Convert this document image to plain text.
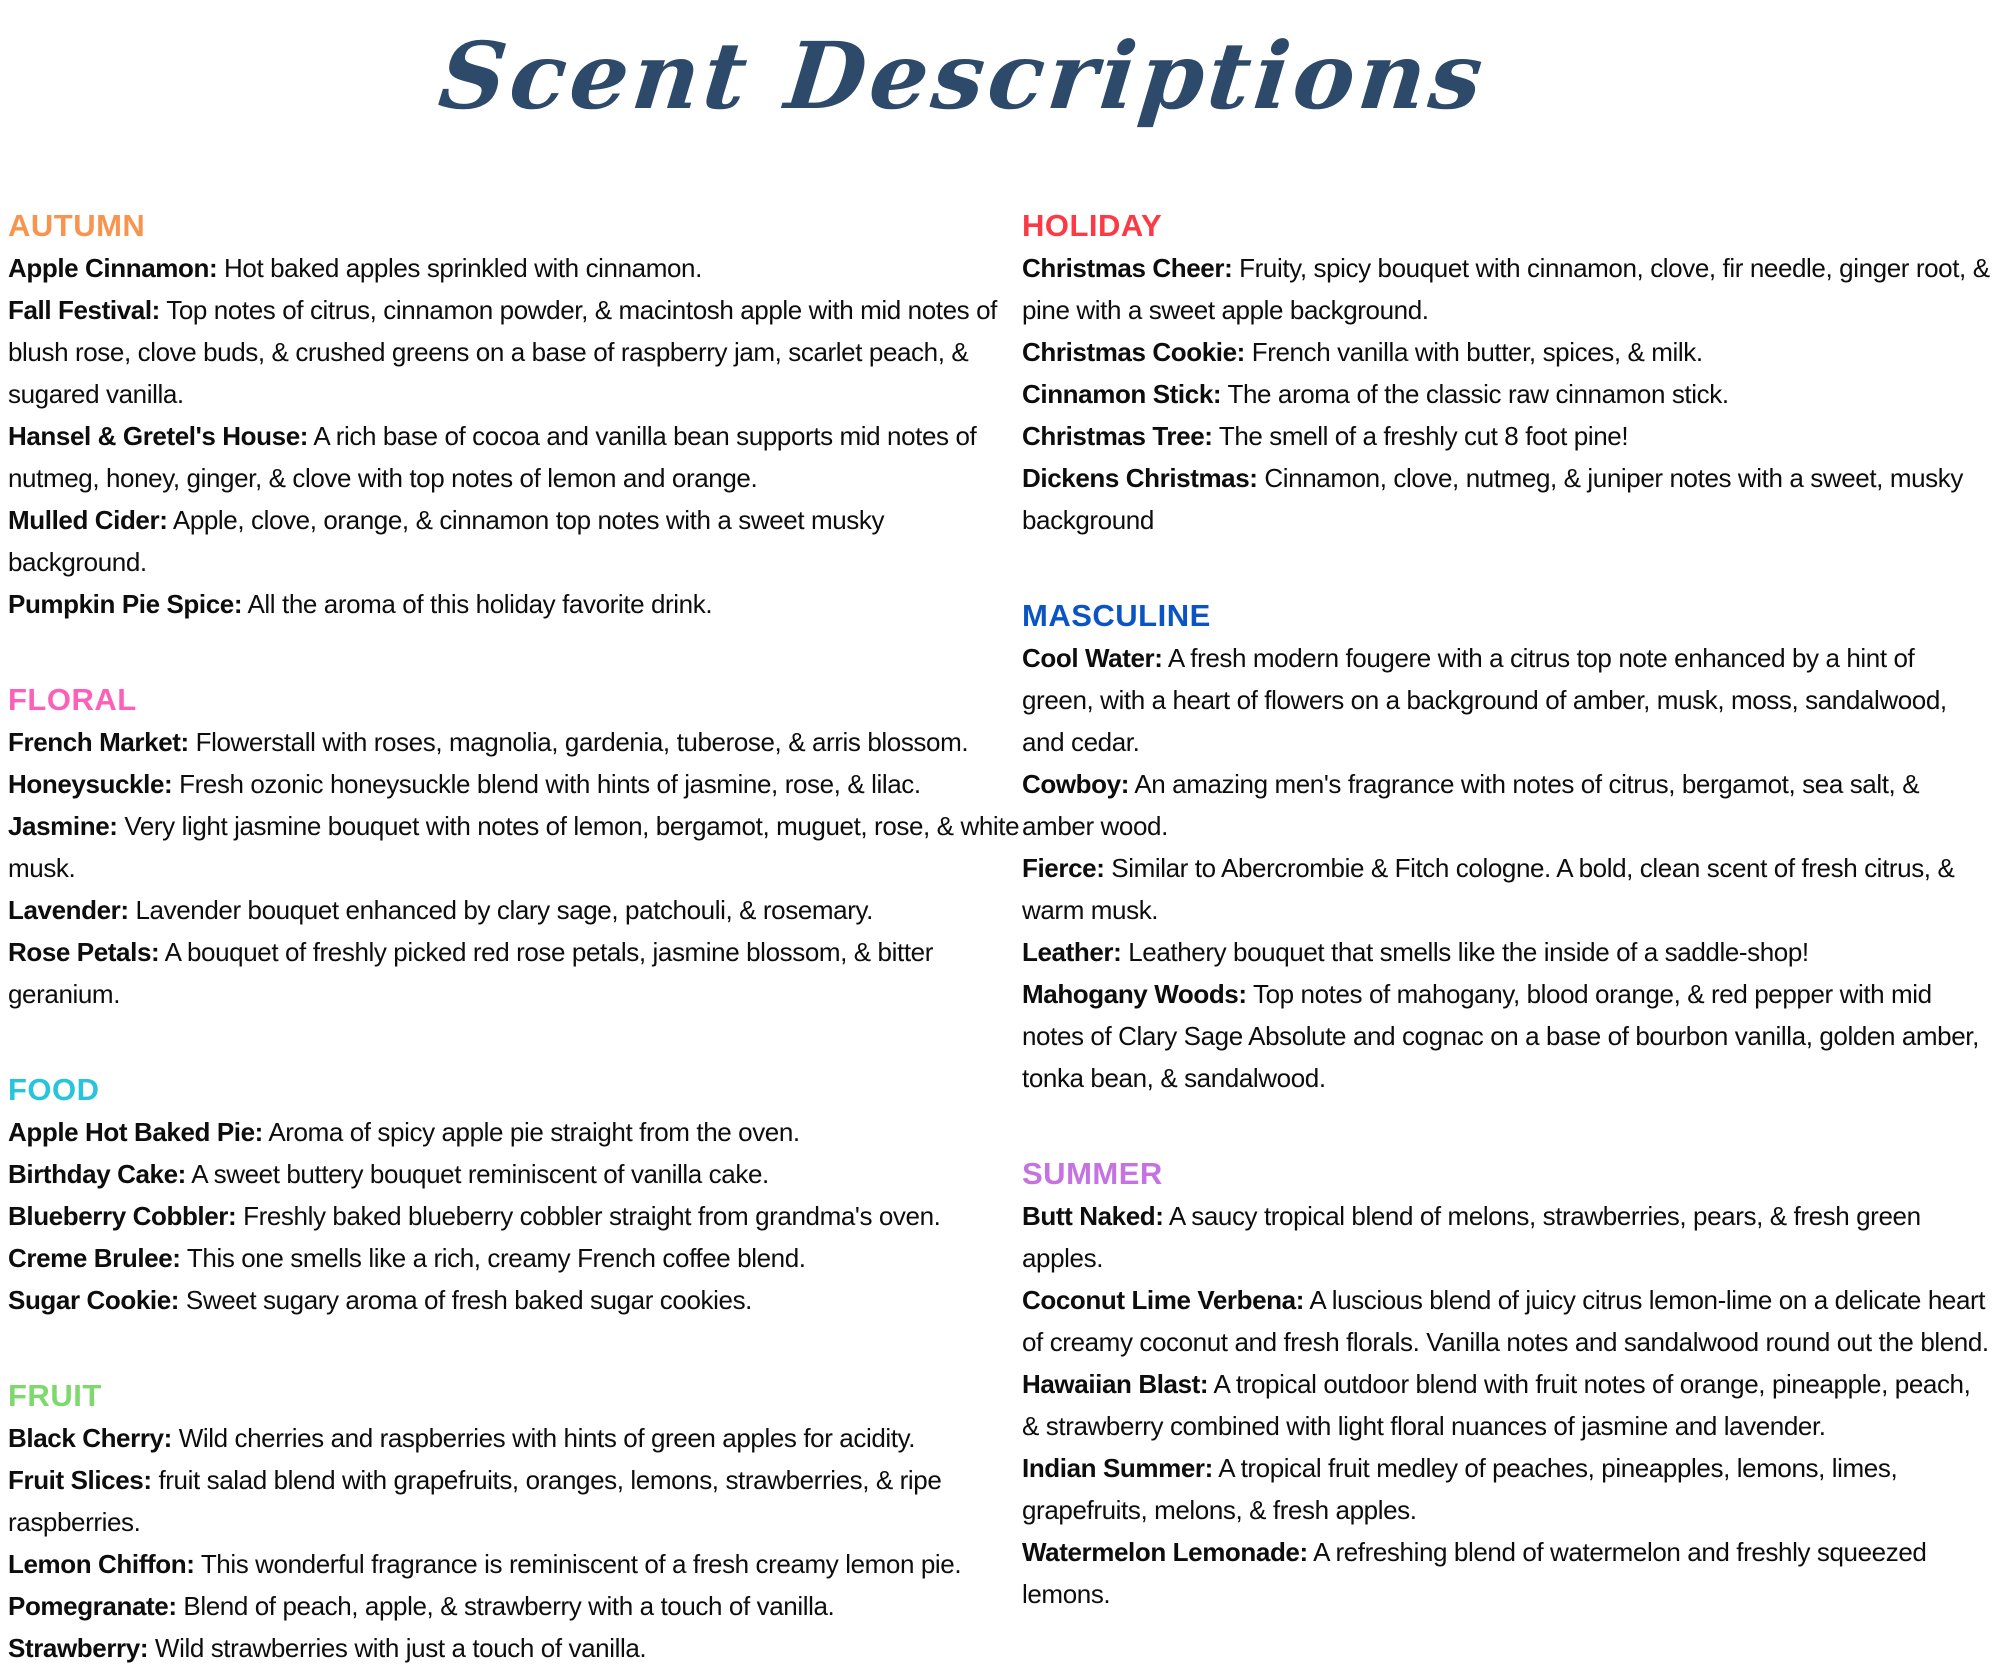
Scent Descriptions
AUTUMN

Apple Cinnamon: Hot baked apples sprinkled with cinnamon.

Fall Festival: Top notes of citrus, cinnamon powder, & macintosh apple with mid notes of blush rose, clove buds, & crushed greens on a base of raspberry jam, scarlet peach, & sugared vanilla.

Hansel & Gretel's House: A rich base of cocoa and vanilla bean supports mid notes of nutmeg, honey, ginger, & clove with top notes of lemon and orange.

Mulled Cider: Apple, clove, orange, & cinnamon top notes with a sweet musky background.

Pumpkin Pie Spice: All the aroma of this holiday favorite drink.

FLORAL

French Market: Flowerstall with roses, magnolia, gardenia, tuberose, & arris blossom.

Honeysuckle: Fresh ozonic honeysuckle blend with hints of jasmine, rose, & lilac.

Jasmine: Very light jasmine bouquet with notes of lemon, bergamot, muguet, rose, & white musk.

Lavender: Lavender bouquet enhanced by clary sage, patchouli, & rosemary.

Rose Petals: A bouquet of freshly picked red rose petals, jasmine blossom, & bitter geranium.

FOOD

Apple Hot Baked Pie: Aroma of spicy apple pie straight from the oven.

Birthday Cake: A sweet buttery bouquet reminiscent of vanilla cake.

Blueberry Cobbler: Freshly baked blueberry cobbler straight from grandma's oven.

Creme Brulee: This one smells like a rich, creamy French coffee blend.

Sugar Cookie: Sweet sugary aroma of fresh baked sugar cookies.

FRUIT

Black Cherry: Wild cherries and raspberries with hints of green apples for acidity.

Fruit Slices: fruit salad blend with grapefruits, oranges, lemons, strawberries, & ripe raspberries.

Lemon Chiffon: This wonderful fragrance is reminiscent of a fresh creamy lemon pie.

Pomegranate: Blend of peach, apple, & strawberry with a touch of vanilla.

Strawberry: Wild strawberries with just a touch of vanilla.

HOLIDAY

Christmas Cheer: Fruity, spicy bouquet with cinnamon, clove, fir needle, ginger root, & pine with a sweet apple background.

Christmas Cookie: French vanilla with butter, spices, & milk.

Cinnamon Stick: The aroma of the classic raw cinnamon stick.

Christmas Tree: The smell of a freshly cut 8 foot pine!

Dickens Christmas: Cinnamon, clove, nutmeg, & juniper notes with a sweet, musky background

MASCULINE

Cool Water: A fresh modern fougere with a citrus top note enhanced by a hint of green, with a heart of flowers on a background of amber, musk, moss, sandalwood, and cedar.

Cowboy: An amazing men's fragrance with notes of citrus, bergamot, sea salt, & amber wood.

Fierce: Similar to Abercrombie & Fitch cologne. A bold, clean scent of fresh citrus, & warm musk.

Leather: Leathery bouquet that smells like the inside of a saddle-shop!

Mahogany Woods: Top notes of mahogany, blood orange, & red pepper with mid notes of Clary Sage Absolute and cognac on a base of bourbon vanilla, golden amber, tonka bean, & sandalwood.

SUMMER

Butt Naked: A saucy tropical blend of melons, strawberries, pears, & fresh green apples.

Coconut Lime Verbena: A luscious blend of juicy citrus lemon-lime on a delicate heart of creamy coconut and fresh florals. Vanilla notes and sandalwood round out the blend.

Hawaiian Blast: A tropical outdoor blend with fruit notes of orange, pineapple, peach, & strawberry combined with light floral nuances of jasmine and lavender.

Indian Summer: A tropical fruit medley of peaches, pineapples, lemons, limes, grapefruits, melons, & fresh apples.

Watermelon Lemonade: A refreshing blend of watermelon and freshly squeezed lemons.
